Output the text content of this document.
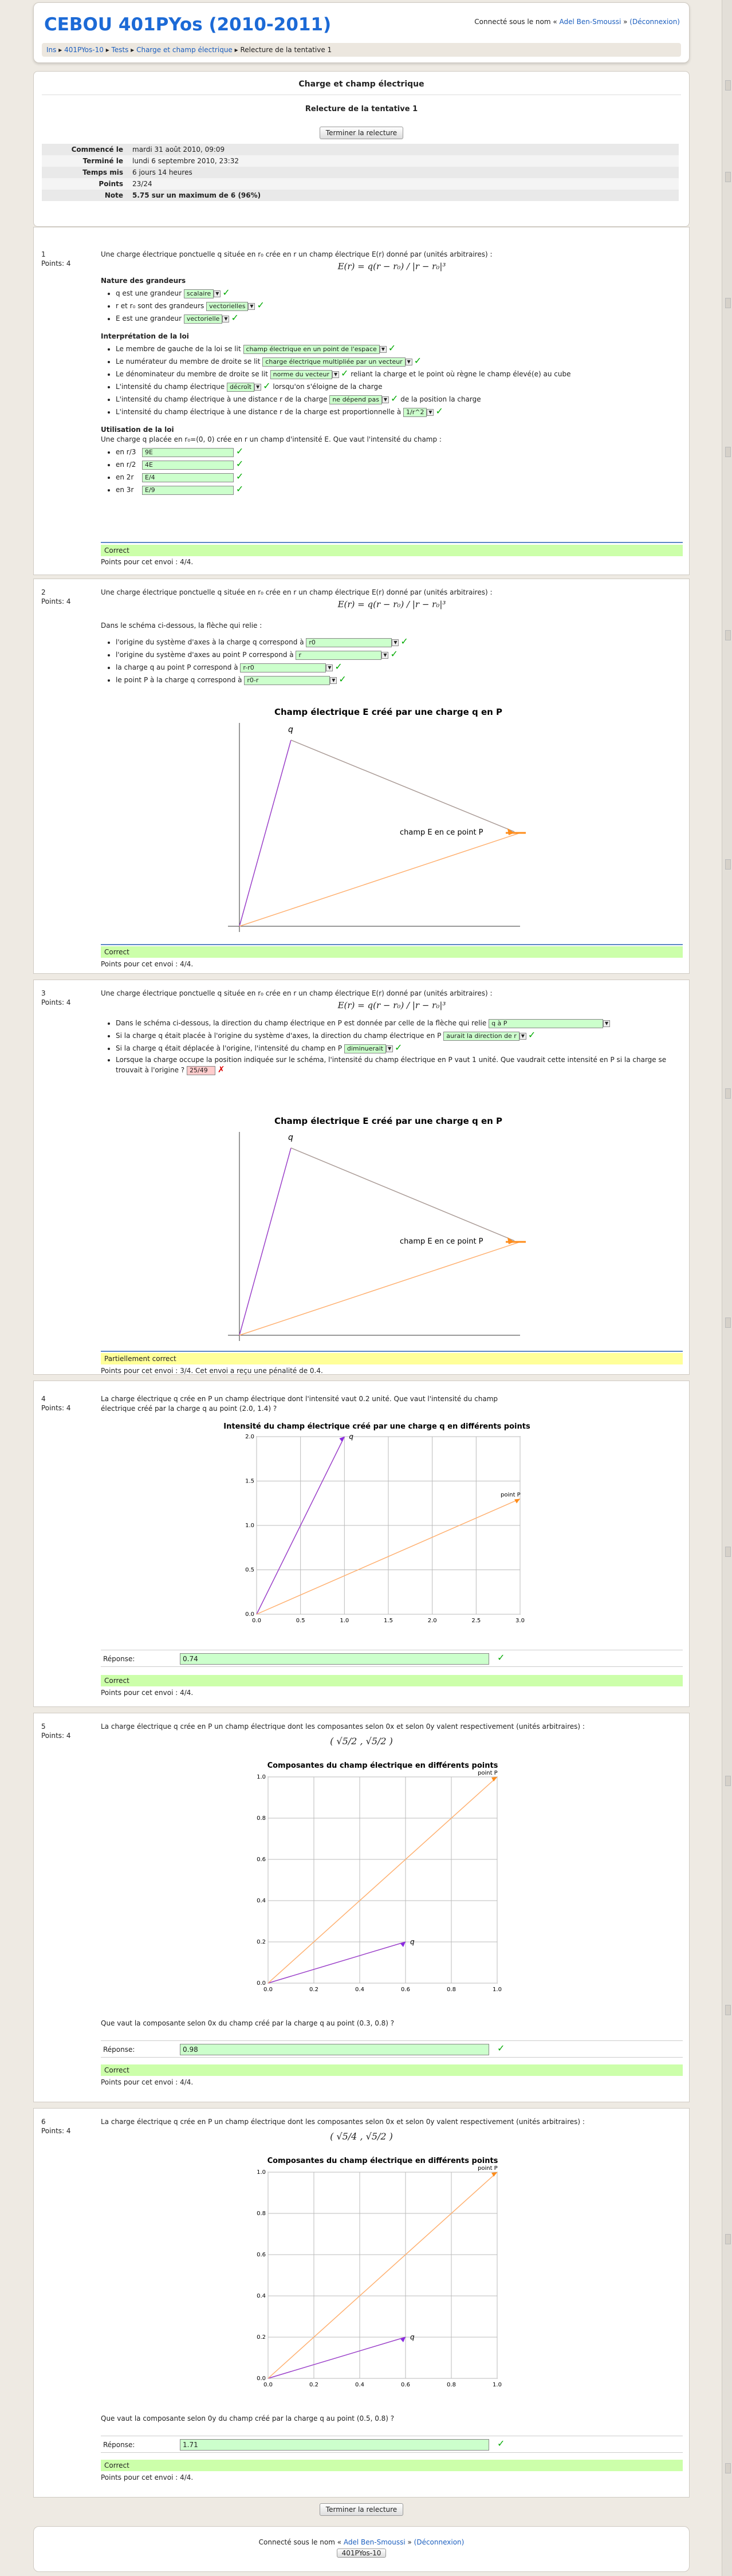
CEBOU 401PYos (2010-2011)	Connecté sous le nom « Adel Ben-Smoussi » (Déconnexion)
Ins ▸ 401PYos-10 ▸ Tests ▸ Charge et champ électrique ▸ Relecture de la tentative 1
Charge et champ électrique
Relecture de la tentative 1
Terminer la relecture
Commencé le	mardi 31 août 2010, 09:09
Terminé le	lundi 6 septembre 2010, 23:32
Temps mis	6 jours 14 heures
Points	23/24
Note	5.75 sur un maximum de 6 (96%)
1
Points: 4
Une charge électrique ponctuelle q située en r₀ crée en r un champ électrique E(r) donné par (unités arbitraires) :
E(r) = q(r − r₀) / |r − r₀|³
Nature des grandeurs
• q est une grandeur scalaire ▼ ✓
• r et r₀ sont des grandeurs vectorielles ▼ ✓
• E est une grandeur vectorielle ▼ ✓
Interprétation de la loi
• Le membre de gauche de la loi se lit champ électrique en un point de l'espace ▼ ✓
• Le numérateur du membre de droite se lit charge électrique multipliée par un vecteur ▼ ✓
• Le dénominateur du membre de droite se lit norme du vecteur ▼ ✓ reliant la charge et le point où règne le champ élevé(e) au cube
• L'intensité du champ électrique décroît ▼ ✓ lorsqu'on s'éloigne de la charge
• L'intensité du champ électrique à une distance r de la charge ne dépend pas ▼ ✓ de la position la charge
• L'intensité du champ électrique à une distance r de la charge est proportionnelle à 1/r^2 ▼ ✓
Utilisation de la loi
Une charge q placée en r₀=(0, 0) crée en r un champ d'intensité E. Que vaut l'intensité du champ :
• en r/3 9E	✓
• en r/2 4E	✓
• en 2r E/4	✓
• en 3r E/9	✓
Correct
Points pour cet envoi : 4/4.
2
Points: 4
Une charge électrique ponctuelle q située en r₀ crée en r un champ électrique E(r) donné par (unités arbitraires) :
E(r) = q(r − r₀) / |r − r₀|³
Dans le schéma ci-dessous, la flèche qui relie :
• l'origine du système d'axes à la charge q correspond à r0	▼ ✓
• l'origine du système d'axes au point P correspond à r	▼ ✓
• la charge q au point P correspond à r-r0	▼ ✓
• le point P à la charge q correspond à r0-r	▼ ✓
Champ électrique E créé par une charge q en P
q
champ E en ce point P
Correct
Points pour cet envoi : 4/4.
3
Points: 4
Une charge électrique ponctuelle q située en r₀ crée en r un champ électrique E(r) donné par (unités arbitraires) :
E(r) = q(r − r₀) / |r − r₀|³
• Dans le schéma ci-dessous, la direction du champ électrique en P est donnée par celle de la flèche qui relie q à P	▼
• Si la charge q était placée à l'origine du système d'axes, la direction du champ électrique en P aurait la direction de r ▼ ✓
• Si la charge q était déplacée à l'origine, l'intensité du champ en P diminuerait ▼ ✓
• Lorsque la charge occupe la position indiquée sur le schéma, l'intensité du champ électrique en P vaut 1 unité. Que vaudrait cette intensité en P si la charge se trouvait à l'origine ? 25/49 ✗
Champ électrique E créé par une charge q en P
q
champ E en ce point P
Partiellement correct
Points pour cet envoi : 3/4. Cet envoi a reçu une pénalité de 0.4.
4
Points: 4
La charge électrique q crée en P un champ électrique dont l'intensité vaut 0.2 unité. Que vaut l'intensité du champ électrique créé par la charge q au point (2.0, 1.4) ?
Intensité du champ électrique créé par une charge q en différents points
0.0	0.5	1.0	1.5	2.0	2.5	3.0
0.0
0.5
1.0
1.5
2.0	q
point P
Réponse:	0.74	✓
Correct
Points pour cet envoi : 4/4.
5
Points: 4
La charge électrique q crée en P un champ électrique dont les composantes selon 0x et selon 0y valent respectivement (unités arbitraires) :
( √5/2 , √5/2 )
Composantes du champ électrique en différents points
0.0	0.2	0.4	0.6	0.8	1.0
0.0
0.2
0.4
0.6
0.8
1.0
q
point P
Que vaut la composante selon 0x du champ créé par la charge q au point (0.3, 0.8) ?
Réponse:	0.98	✓
Correct
Points pour cet envoi : 4/4.
6
Points: 4
La charge électrique q crée en P un champ électrique dont les composantes selon 0x et selon 0y valent respectivement (unités arbitraires) :
( √5/4 , √5/2 )
Composantes du champ électrique en différents points
0.0	0.2	0.4	0.6	0.8	1.0
0.0
0.2
0.4
0.6
0.8
1.0
q
point P
Que vaut la composante selon 0y du champ créé par la charge q au point (0.5, 0.8) ?
Réponse:	1.71	✓
Correct
Points pour cet envoi : 4/4.
Terminer la relecture
Connecté sous le nom « Adel Ben-Smoussi » (Déconnexion)
401PYos-10
